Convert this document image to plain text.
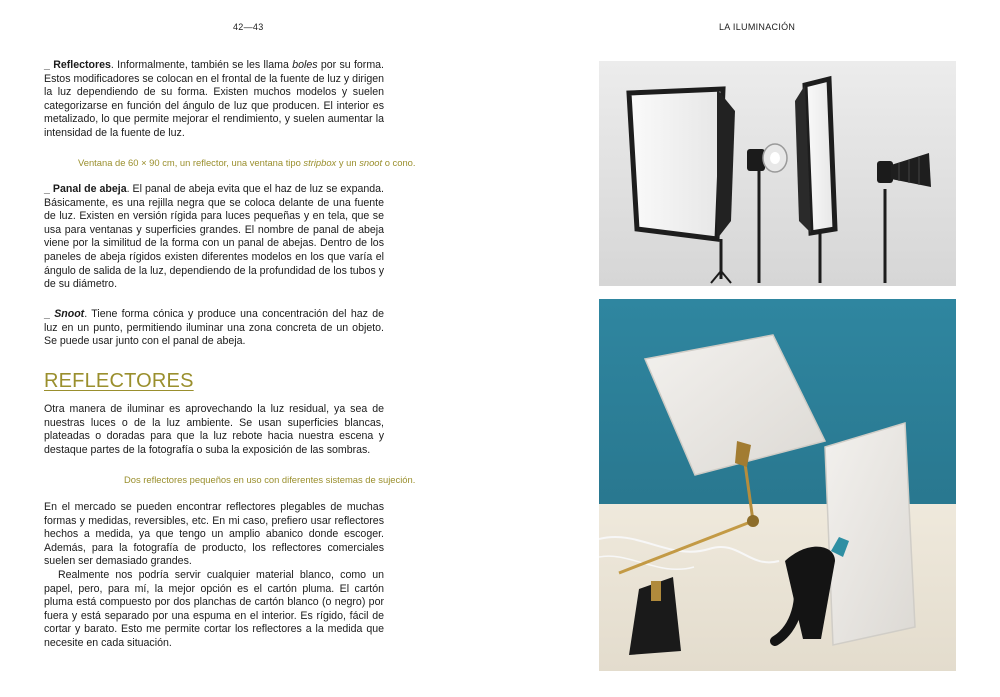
42—43	LA ILUMINACIÓN

_ Reflectores. Informalmente, también se les llama boles por su forma. Estos modificadores se colocan en el frontal de la fuente de luz y dirigen la luz dependiendo de su forma. Existen muchos modelos y suelen categorizarse en función del ángulo de luz que producen. El interior es metalizado, lo que permite mejorar el rendimiento, y suelen aumentar la intensidad de la fuente de luz.

Ventana de 60 × 90 cm, un reflector, una ventana tipo stripbox y un snoot o cono.

_ Panal de abeja. El panal de abeja evita que el haz de luz se expanda. Básicamente, es una rejilla negra que se coloca delante de una fuente de luz. Existen en versión rígida para luces pequeñas y en tela, que se usa para ventanas y superficies grandes. El nombre de panal de abeja viene por la similitud de la forma con un panal de abejas. Dentro de los paneles de abeja rígidos existen diferentes modelos en los que varía el ángulo de salida de la luz, dependiendo de la profundidad de los tubos y de su diámetro.

_ Snoot. Tiene forma cónica y produce una concentración del haz de luz en un punto, permitiendo iluminar una zona concreta de un objeto. Se puede usar junto con el panal de abeja.

REFLECTORES

Otra manera de iluminar es aprovechando la luz residual, ya sea de nuestras luces o de la luz ambiente. Se usan superficies blancas, plateadas o doradas para que la luz rebote hacia nuestra escena y destaque partes de la fotografía o suba la exposición de las sombras.

Dos reflectores pequeños en uso con diferentes sistemas de sujeción.

En el mercado se pueden encontrar reflectores plegables de muchas formas y medidas, reversibles, etc. En mi caso, prefiero usar reflectores hechos a medida, ya que tengo un amplio abanico donde escoger. Además, para la fotografía de producto, los reflectores comerciales suelen ser demasiado grandes.

Realmente nos podría servir cualquier material blanco, como un papel, pero, para mí, la mejor opción es el cartón pluma. El cartón pluma está compuesto por dos planchas de cartón blanco (o negro) por fuera y está separado por una espuma en el interior. Es rígido, fácil de cortar y barato. Esto me permite cortar los reflectores a la medida que necesite en cada situación.
